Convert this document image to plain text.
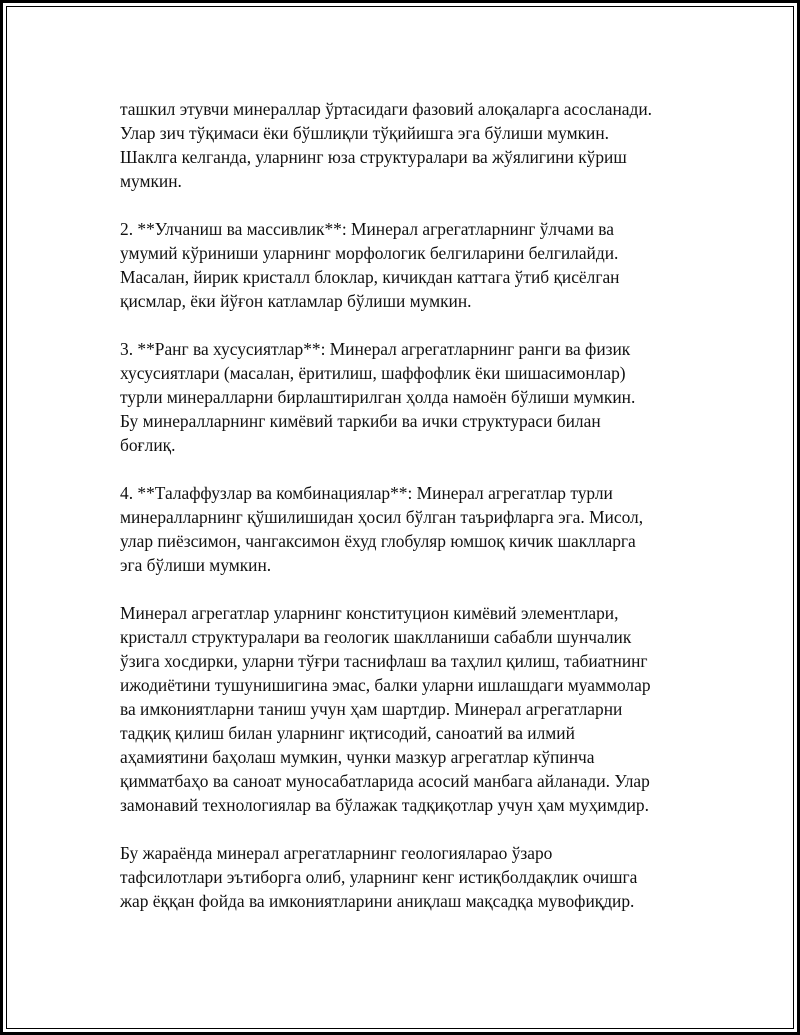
ташкил этувчи минераллар ўртасидаги фазовий алоқаларга асосланади.
Улар зич тўқимаси ёки бўшлиқли тўқийишга эга бўлиши мумкин.
Шаклга келганда, уларнинг юза структуралари ва жўялигини кўриш
мумкин.

2. **Улчаниш ва массивлик**: Минерал агрегатларнинг ўлчами ва
умумий кўриниши уларнинг морфологик белгиларини белгилайди.
Масалан, йирик кристалл блоклар, кичикдан каттага ўтиб қисёлган
қисмлар, ёки йўғон катламлар бўлиши мумкин.

3. **Ранг ва хусусиятлар**: Минерал агрегатларнинг ранги ва физик
хусусиятлари (масалан, ёритилиш, шаффофлик ёки шишасимонлар)
турли минералларни бирлаштирилган ҳолда намоён бўлиши мумкин.
Бу минералларнинг кимёвий таркиби ва ички структураси билан
боғлиқ.

4. **Талаффузлар ва комбинациялар**: Минерал агрегатлар турли
минералларнинг қўшилишидан ҳосил бўлган таърифларга эга. Мисол,
улар пиёзсимон, чангаксимон ёхуд глобуляр юмшоқ кичик шаклларга
эга бўлиши мумкин.

Минерал агрегатлар уларнинг конституцион кимёвий элементлари,
кристалл структуралари ва геологик шаклланиши сабабли шунчалик
ўзига хосдирки, уларни тўғри таснифлаш ва таҳлил қилиш, табиатнинг
ижодиётини тушунишигина эмас, балки уларни ишлашдаги муаммолар
ва имкониятларни таниш учун ҳам шартдир. Минерал агрегатларни
тадқиқ қилиш билан уларнинг иқтисодий, саноатий ва илмий
аҳамиятини баҳолаш мумкин, чунки мазкур агрегатлар кўпинча
қимматбаҳо ва саноат муносабатларида асосий манбага айланади. Улар
замонавий технологиялар ва бўлажак тадқиқотлар учун ҳам муҳимдир.

Бу жараёнда минерал агрегатларнинг геологияларао ўзаро
тафсилотлари эътиборга олиб, уларнинг кенг истиқболдақлик очишга
жар ёққан фойда ва имкониятларини аниқлаш мақсадқа мувофиқдир.
